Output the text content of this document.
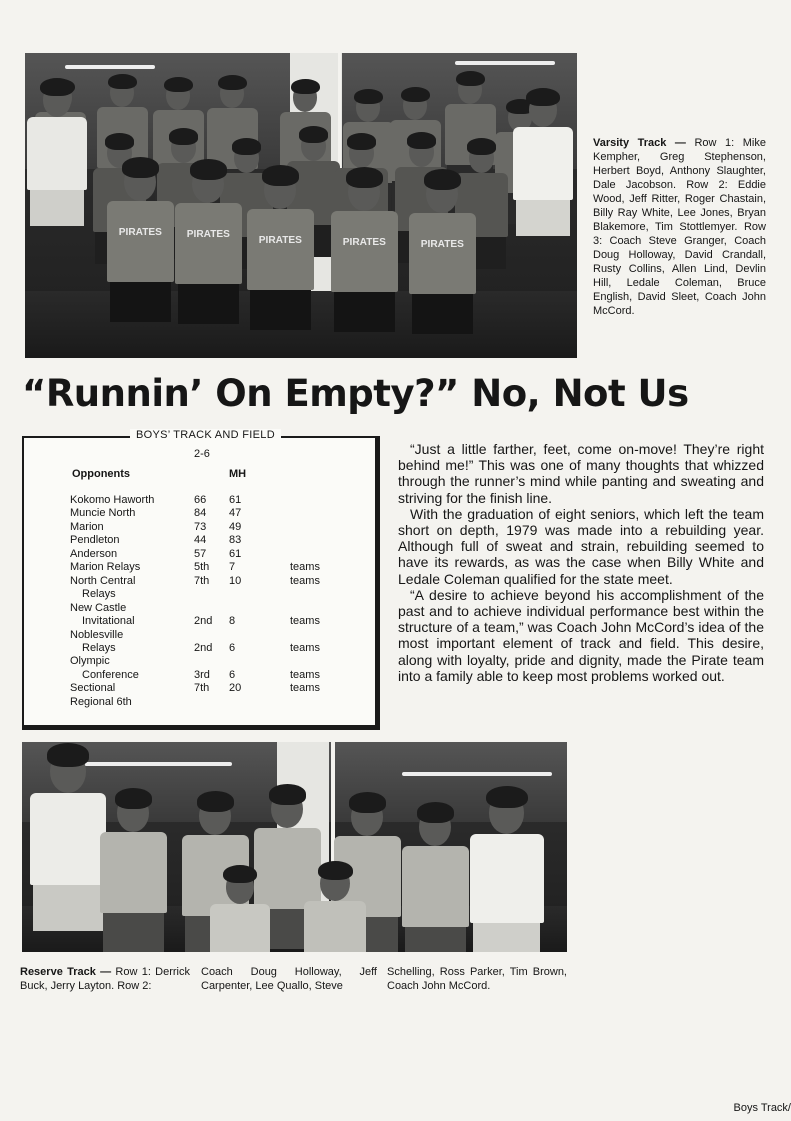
PIRATES	PIRATES
PIRATES	PIRATES	PIRATES
Varsity Track — Row 1: Mike Kempher, Greg Stephenson, Herbert Boyd, Anthony Slaughter, Dale Jacobson. Row 2: Eddie Wood, Jeff Ritter, Roger Chastain, Billy Ray White, Lee Jones, Bryan Blakemore, Tim Stottlemyer. Row 3: Coach Steve Granger, Coach Doug Holloway, David Crandall, Rusty Collins, Allen Lind, Devlin Hill, Ledale Coleman, Bruce English, David Sleet, Coach John McCord.
“Runnin’ On Empty?” No, Not Us
BOYS’ TRACK AND FIELD
2-6
Opponents	MH
Kokomo Haworth	66 61
Muncie North	84 47
Marion	73 49
Pendleton	44 83
Anderson	57 61
Marion Relays	5th 7	teams
North Central	7th 10	teams
Relays
New Castle
Invitational	2nd 8	teams
Noblesville
Relays	2nd 6	teams
Olympic
Conference	3rd 6	teams
Sectional	7th 20	teams
Regional 6th

“Just a little farther, feet, come on-move! They’re right behind me!” This was one of many thoughts that whizzed through the runner’s mind while panting and sweating and striving for the finish line.

With the graduation of eight seniors, which left the team short on depth, 1979 was made into a rebuilding year. Although full of sweat and strain, rebuilding seemed to have its rewards, as was the case when Billy White and Ledale Coleman qualified for the state meet.

“A desire to achieve beyond his accomplishment of the past and to achieve individual performance best within the structure of a team,” was Coach John McCord’s idea of the most important element of track and field. This desire, along with loyalty, pride and dignity, made the Pirate team into a family able to keep most problems worked out.

Reserve Track — Row 1: Derrick Buck, Jerry Layton. Row 2:
Coach Doug Holloway, Jeff Carpenter, Lee Quallo, Steve
Schelling, Ross Parker, Tim Brown, Coach John McCord.
Boys Track/
